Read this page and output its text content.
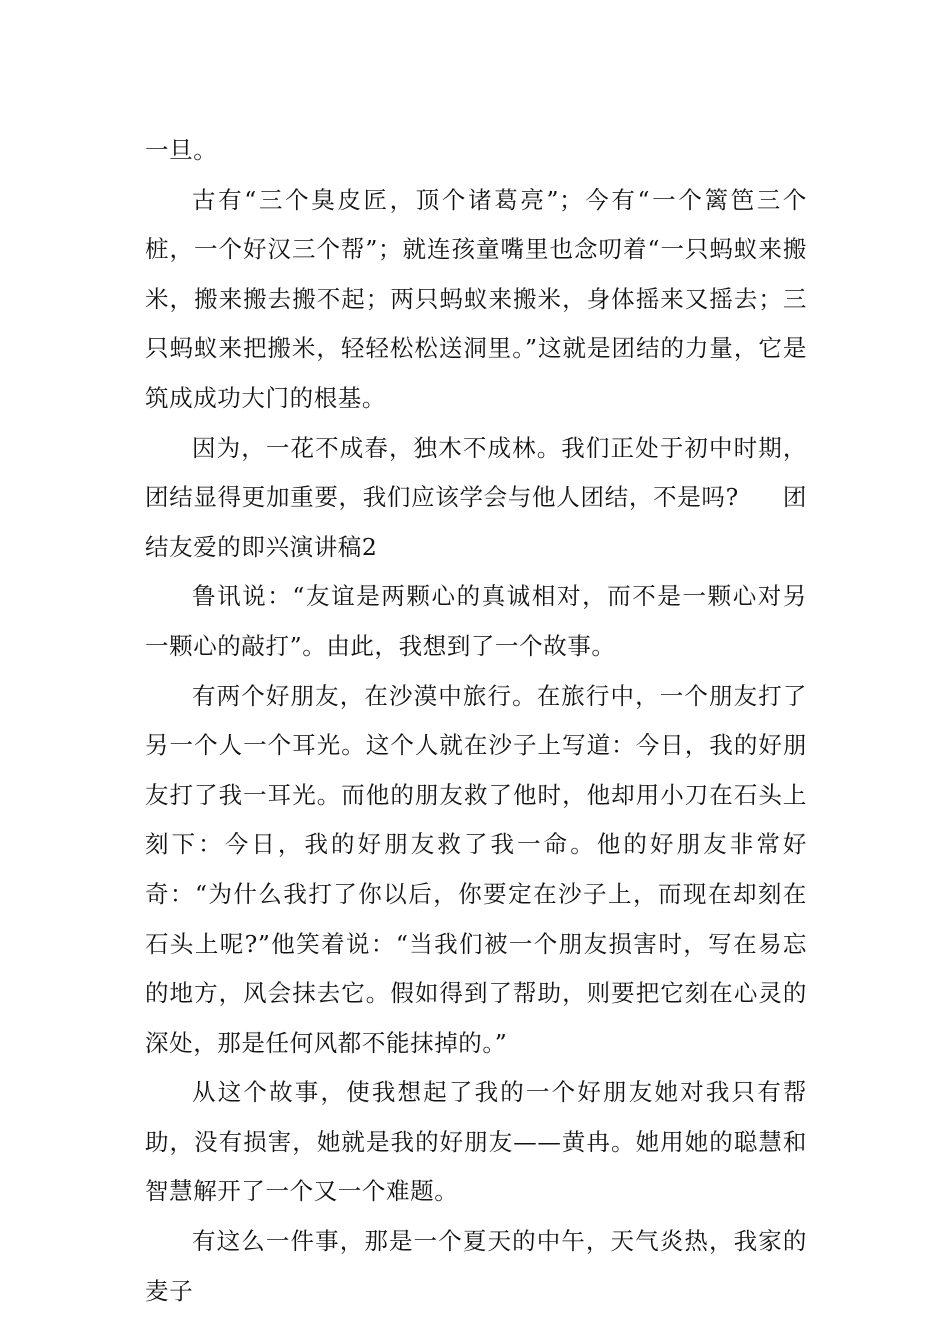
一旦。

古有“三个臭皮匠，顶个诸葛亮”；今有“一个篱笆三个桩，一个好汉三个帮”；就连孩童嘴里也念叨着“一只蚂蚁来搬米，搬来搬去搬不起；两只蚂蚁来搬米，身体摇来又摇去；三只蚂蚁来把搬米，轻轻松松送洞里。”这就是团结的力量，它是筑成成功大门的根基。

因为，一花不成春，独木不成林。我们正处于初中时期，团结显得更加重要，我们应该学会与他人团结，不是吗? 团结友爱的即兴演讲稿2

鲁讯说：“友谊是两颗心的真诚相对，而不是一颗心对另一颗心的敲打”。由此，我想到了一个故事。

有两个好朋友，在沙漠中旅行。在旅行中，一个朋友打了另一个人一个耳光。这个人就在沙子上写道：今日，我的好朋友打了我一耳光。而他的朋友救了他时，他却用小刀在石头上刻下：今日，我的好朋友救了我一命。他的好朋友非常好奇：“为什么我打了你以后，你要定在沙子上，而现在却刻在石头上呢?”他笑着说：“当我们被一个朋友损害时，写在易忘的地方，风会抹去它。假如得到了帮助，则要把它刻在心灵的深处，那是任何风都不能抹掉的。”

从这个故事，使我想起了我的一个好朋友她对我只有帮助，没有损害，她就是我的好朋友——黄冉。她用她的聪慧和智慧解开了一个又一个难题。

有这么一件事，那是一个夏天的中午，天气炎热，我家的麦子
